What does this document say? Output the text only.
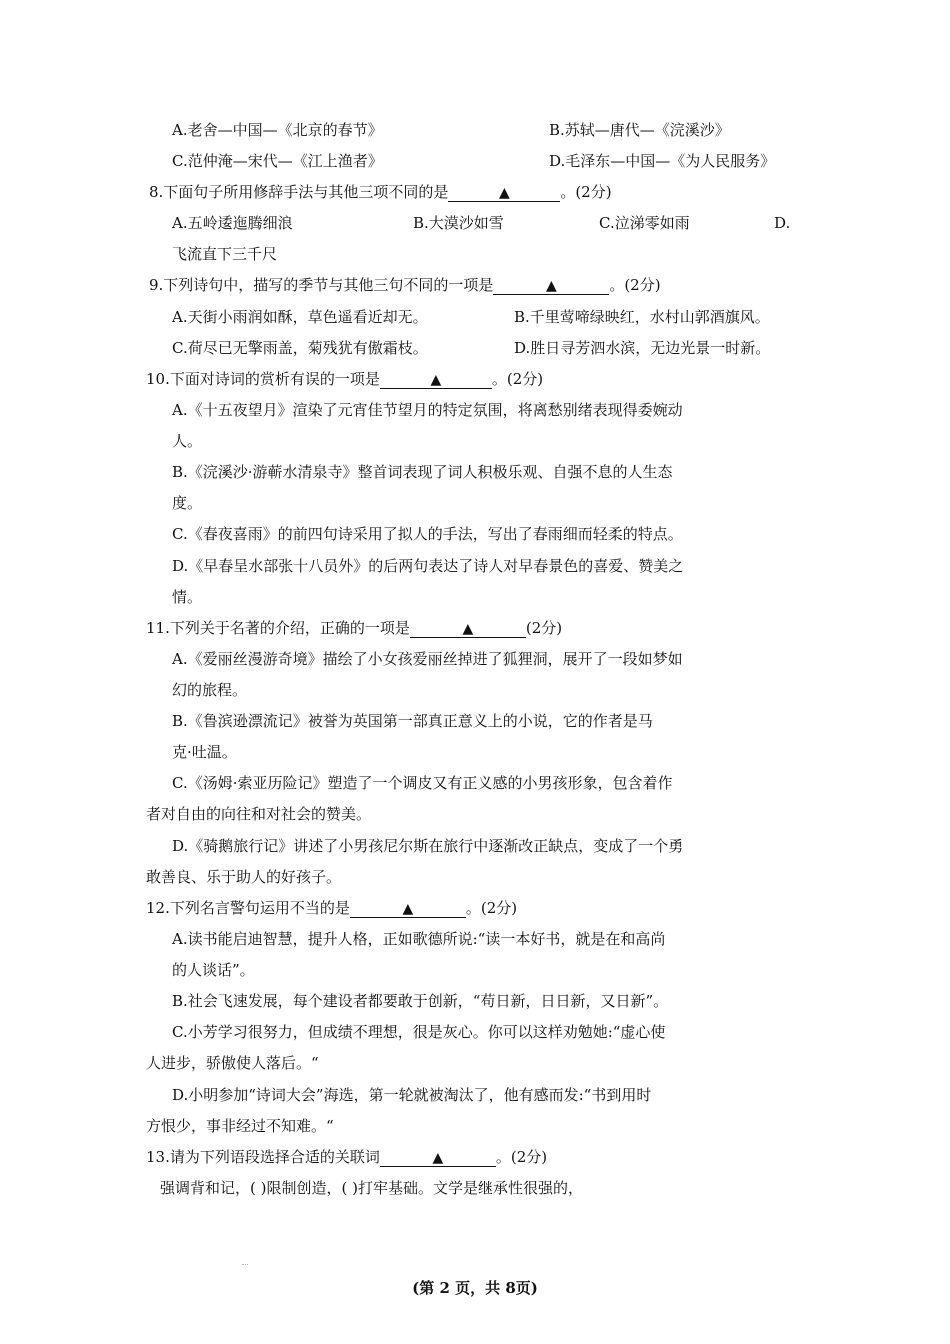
A.老舍—中国—《北京的春节》	B.苏轼—唐代—《浣溪沙》
C.范仲淹—宋代—《江上渔者》	D.毛泽东—中国—《为人民服务》
8.下面句子所用修辞手法与其他三项不同的是	▲	。(2分)
A.五岭逶迤腾细浪	B.大漠沙如雪	C.泣涕零如雨	D.
飞流直下三千尺
9.下列诗句中，描写的季节与其他三句不同的一项是	▲	。(2分)
A.天街小雨润如酥，草色遥看近却无。	B.千里莺啼绿映红，水村山郭酒旗风。
C.荷尽已无擎雨盖，菊残犹有傲霜枝。	D.胜日寻芳泗水滨，无边光景一时新。
10.下面对诗词的赏析有误的一项是	▲	。(2分)
A.《十五夜望月》渲染了元宵佳节望月的特定氛围，将离愁别绪表现得委婉动
人。
B.《浣溪沙·游蕲水清泉寺》整首词表现了词人积极乐观、自强不息的人生态
度。
C.《春夜喜雨》的前四句诗采用了拟人的手法，写出了春雨细而轻柔的特点。
D.《早春呈水部张十八员外》的后两句表达了诗人对早春景色的喜爱、赞美之
情。
11.下列关于名著的介绍，正确的一项是	▲	(2分)
A.《爱丽丝漫游奇境》描绘了小女孩爱丽丝掉进了狐狸洞，展开了一段如梦如
幻的旅程。
B.《鲁滨逊漂流记》被誉为英国第一部真正意义上的小说，它的作者是马
克·吐温。
C.《汤姆·索亚历险记》塑造了一个调皮又有正义感的小男孩形象，包含着作
者对自由的向往和对社会的赞美。
D.《骑鹅旅行记》讲述了小男孩尼尔斯在旅行中逐渐改正缺点，变成了一个勇
敢善良、乐于助人的好孩子。
12.下列名言警句运用不当的是	▲	。(2分)
A.读书能启迪智慧，提升人格，正如歌德所说:“读一本好书，就是在和高尚
的人谈话”。
B.社会飞速发展，每个建设者都要敢于创新，“苟日新，日日新，又日新”。
C.小芳学习很努力，但成绩不理想，很是灰心。你可以这样劝勉她:“虚心使
人进步，骄傲使人落后。“
D.小明参加“诗词大会”海选，第一轮就被淘汰了，他有感而发:“书到用时
方恨少，事非经过不知难。“
13.请为下列语段选择合适的关联词	▲	。(2分)
强调背和记，( )限制创造，( )打牢基础。文学是继承性很强的，
(第 2 页，共 8页)
